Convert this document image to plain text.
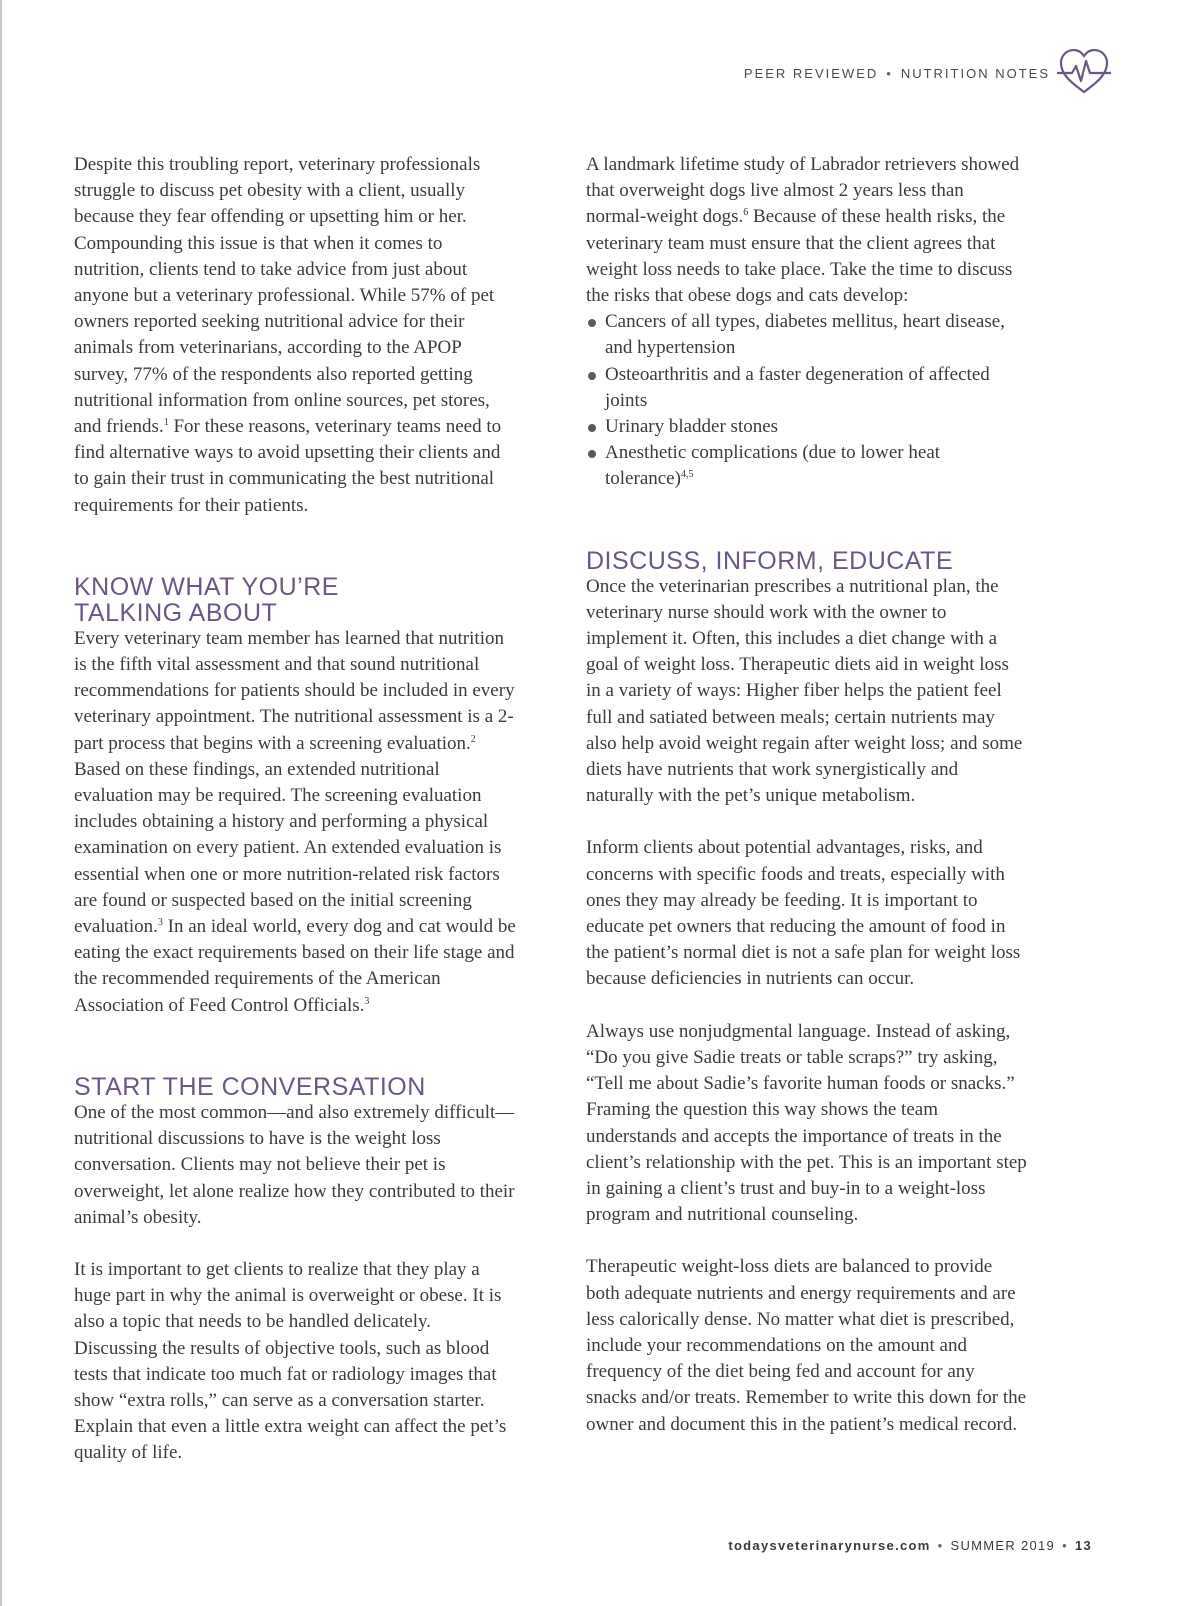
PEER REVIEWED • NUTRITION NOTES

Despite this troubling report, veterinary professionals struggle to discuss pet obesity with a client, usually because they fear offending or upsetting him or her. Compounding this issue is that when it comes to nutrition, clients tend to take advice from just about anyone but a veterinary professional. While 57% of pet owners reported seeking nutritional advice for their animals from veterinarians, according to the APOP survey, 77% of the respondents also reported getting nutritional information from online sources, pet stores, and friends.$^1$ For these reasons, veterinary teams need to find alternative ways to avoid upsetting their clients and to gain their trust in communicating the best nutritional requirements for their patients.

KNOW WHAT YOU’RE
TALKING ABOUT

Every veterinary team member has learned that nutrition is the fifth vital assessment and that sound nutritional recommendations for patients should be included in every veterinary appointment. The nutritional assessment is a 2-part process that begins with a screening evaluation.$^2$ Based on these findings, an extended nutritional evaluation may be required. The screening evaluation includes obtaining a history and performing a physical examination on every patient. An extended evaluation is essential when one or more nutrition-related risk factors are found or suspected based on the initial screening evaluation.$^3$ In an ideal world, every dog and cat would be eating the exact requirements based on their life stage and the recommended requirements of the American Association of Feed Control Officials.$^3$

START THE CONVERSATION

One of the most common—and also extremely difficult—nutritional discussions to have is the weight loss conversation. Clients may not believe their pet is overweight, let alone realize how they contributed to their animal’s obesity.

It is important to get clients to realize that they play a huge part in why the animal is overweight or obese. It is also a topic that needs to be handled delicately. Discussing the results of objective tools, such as blood tests that indicate too much fat or radiology images that show “extra rolls,” can serve as a conversation starter. Explain that even a little extra weight can affect the pet’s quality of life.

A landmark lifetime study of Labrador retrievers showed that overweight dogs live almost 2 years less than normal-weight dogs.$^6$ Because of these health risks, the veterinary team must ensure that the client agrees that weight loss needs to take place. Take the time to discuss the risks that obese dogs and cats develop:

Cancers of all types, diabetes mellitus, heart disease, and hypertension
Osteoarthritis and a faster degeneration of affected joints
Urinary bladder stones
Anesthetic complications (due to lower heat tolerance)$^{4,5}$
DISCUSS, INFORM, EDUCATE

Once the veterinarian prescribes a nutritional plan, the veterinary nurse should work with the owner to implement it. Often, this includes a diet change with a goal of weight loss. Therapeutic diets aid in weight loss in a variety of ways: Higher fiber helps the patient feel full and satiated between meals; certain nutrients may also help avoid weight regain after weight loss; and some diets have nutrients that work synergistically and naturally with the pet’s unique metabolism.

Inform clients about potential advantages, risks, and concerns with specific foods and treats, especially with ones they may already be feeding. It is important to educate pet owners that reducing the amount of food in the patient’s normal diet is not a safe plan for weight loss because deficiencies in nutrients can occur.

Always use nonjudgmental language. Instead of asking, “Do you give Sadie treats or table scraps?” try asking, “Tell me about Sadie’s favorite human foods or snacks.” Framing the question this way shows the team understands and accepts the importance of treats in the client’s relationship with the pet. This is an important step in gaining a client’s trust and buy-in to a weight-loss program and nutritional counseling.

Therapeutic weight-loss diets are balanced to provide both adequate nutrients and energy requirements and are less calorically dense. No matter what diet is prescribed, include your recommendations on the amount and frequency of the diet being fed and account for any snacks and/or treats. Remember to write this down for the owner and document this in the patient’s medical record.

todaysveterinarynurse.com • SUMMER 2019 • 13
